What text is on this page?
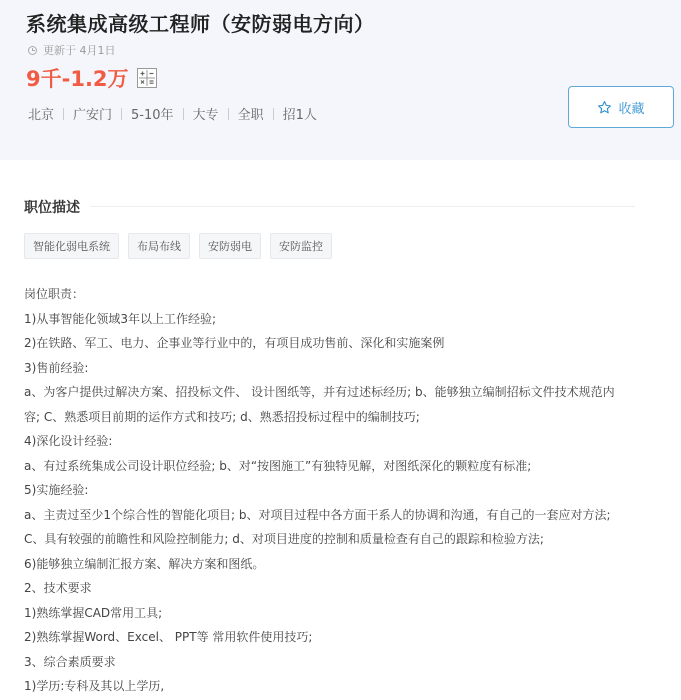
系统集成高级工程师（安防弱电方向）
更新于 4月1日
9千-1.2万
北京 广安门 5-10年 大专 全职 招1人	收藏
职位描述
智能化弱电系统	布局布线	安防弱电	安防监控
岗位职责：
1)从事智能化领域3年以上工作经验;
2)在铁路、军工、电力、企事业等行业中的，有项目成功售前、深化和实施案例
3)售前经验:
a、为客户提供过解决方案、招投标文件、 设计图纸等，并有过述标经历; b、能够独立编制招标文件技术规范内
容; C、熟悉项目前期的运作方式和技巧; d、熟悉招投标过程中的编制技巧;
4)深化设计经验:
a、有过系统集成公司设计职位经验; b、对“按图施工”有独特见解，对图纸深化的颗粒度有标准;
5)实施经验:
a、主责过至少1个综合性的智能化项目; b、对项目过程中各方面干系人的协调和沟通，有自己的一套应对方法;
C、具有较强的前瞻性和风险控制能力; d、对项目进度的控制和质量检查有自己的跟踪和检验方法;
6)能够独立编制汇报方案、解决方案和图纸。
2、技术要求
1)熟练掌握CAD常用工具;
2)熟练掌握Word、Excel、 PPT等 常用软件使用技巧;
3、综合素质要求
1)学历:专科及其以上学历,
